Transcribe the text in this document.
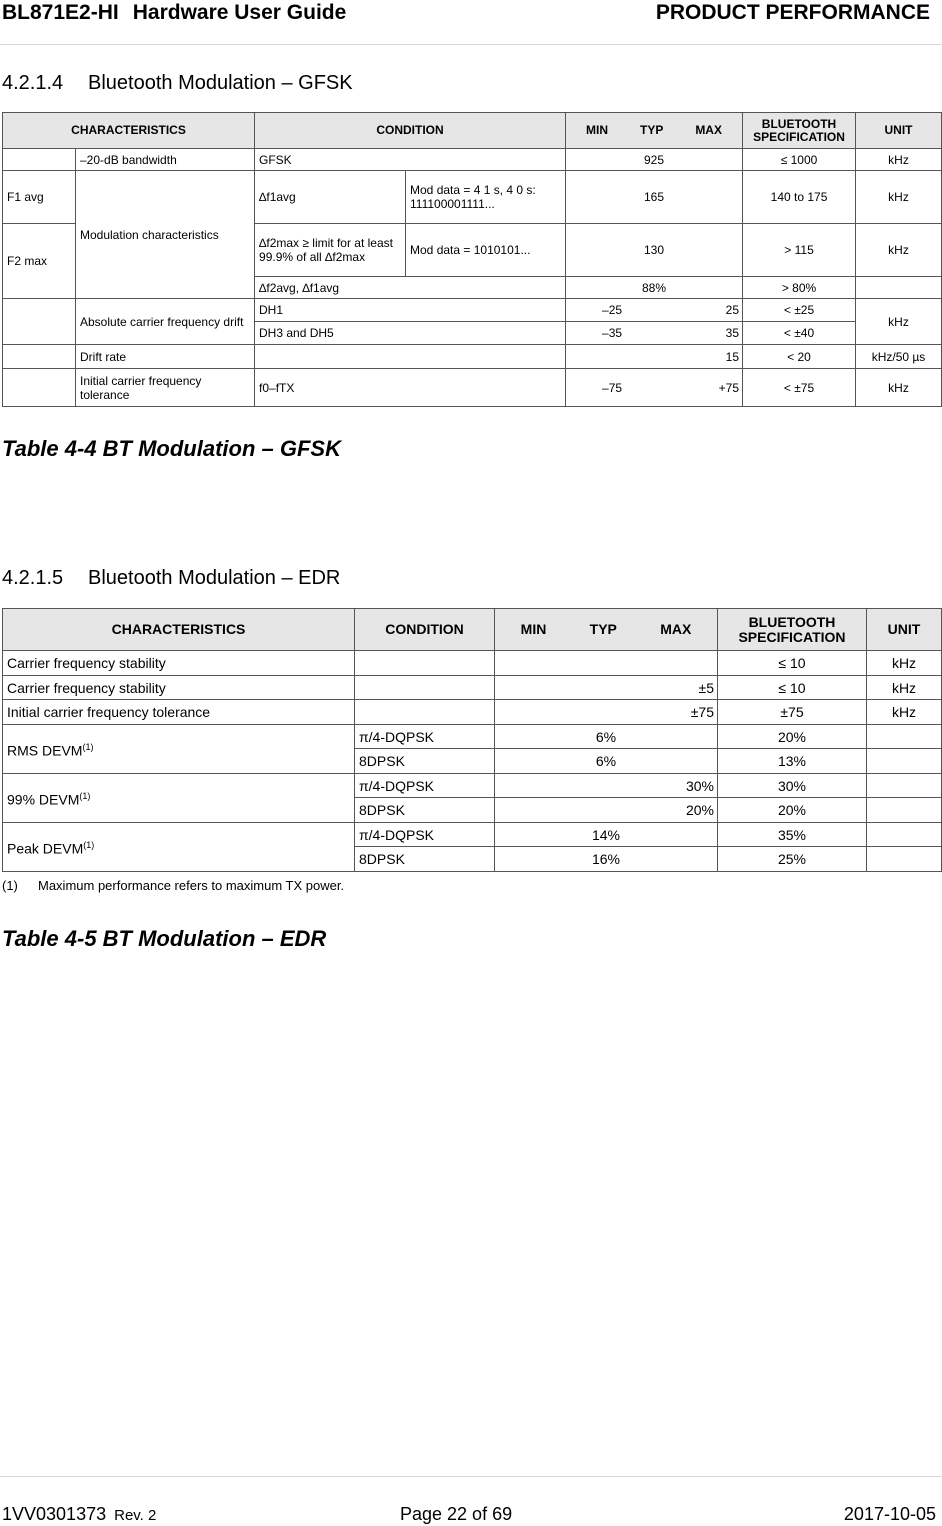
BL871E2-HI Hardware User Guide	PRODUCT PERFORMANCE
4.2.1.4 Bluetooth Modulation – GFSK
CHARACTERISTICS		CONDITION		MIN TYP MAX	BLUETOOTH SPECIFICATION	UNIT
	–20-dB bandwidth	GFSK		925	≤ 1000	kHz
F1 avg	Modulation characteristics	∆f1avg	Mod data = 4 1 s, 4 0 s: 111100001111...	165	140 to 175	kHz
F2 max		∆f2max ≥ limit for at least 99.9% of all ∆f2max	Mod data = 1010101...	130	> 115	kHz
		∆f2avg, ∆f1avg		88%	> 80%	
	Absolute carrier frequency drift	DH1		–25 25	< ±25	kHz
		DH3 and DH5		–35 35	< ±40	
	Drift rate			15	< 20	kHz/50 µs
	Initial carrier frequency tolerance	f0–fTX		–75 +75	< ±75	kHz
Table 4-4 BT Modulation – GFSK
4.2.1.5 Bluetooth Modulation – EDR
CHARACTERISTICS	CONDITION	MIN TYP MAX	BLUETOOTH SPECIFICATION	UNIT
Carrier frequency stability			≤ 10	kHz
Carrier frequency stability		±5	≤ 10	kHz
Initial carrier frequency tolerance		±75	±75	kHz
RMS DEVM$^{(1)}$	π/4-DQPSK	6%	20%	
	8DPSK	6%	13%	
99% DEVM$^{(1)}$	π/4-DQPSK	30%	30%	
	8DPSK	20%	20%	
Peak DEVM$^{(1)}$	π/4-DQPSK	14%	35%	
	8DPSK	16%	25%	
(1) Maximum performance refers to maximum TX power.
Table 4-5 BT Modulation – EDR
1VV0301373 Rev. 2	Page 22 of 69	2017-10-05
